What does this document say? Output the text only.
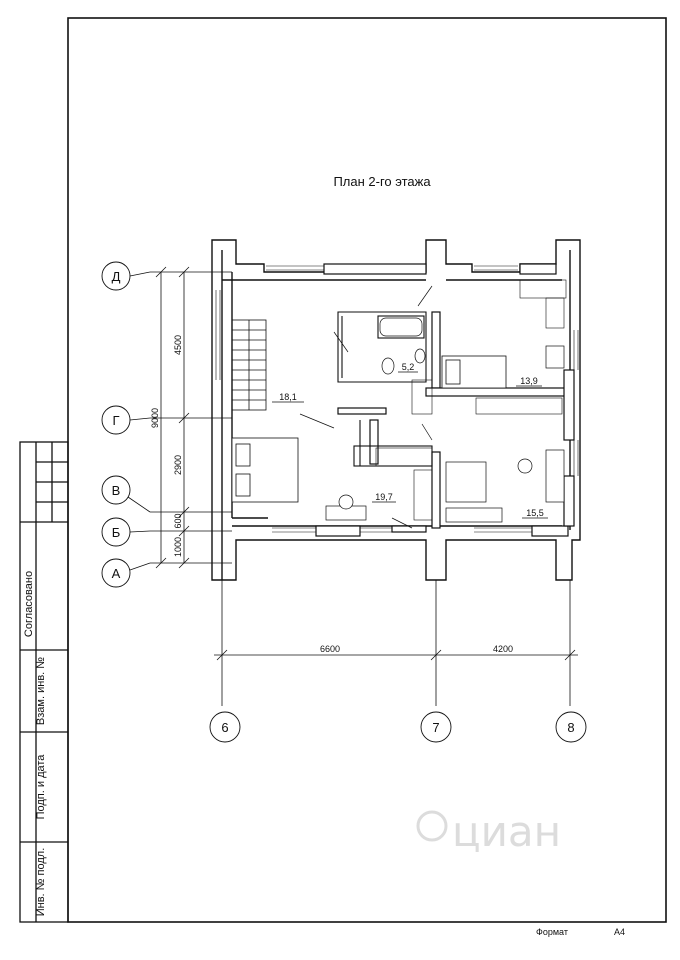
План 2-го этажа
4500
9000
2900
600
1000
Д
Г
В
Б
А
18,1
5,2
13,9
19,7
15,5
6600	4200
6	7	8
Согласовано
Взам. инв. №
Подп. и дата
Инв. № подл.
циан
Формат	А4
